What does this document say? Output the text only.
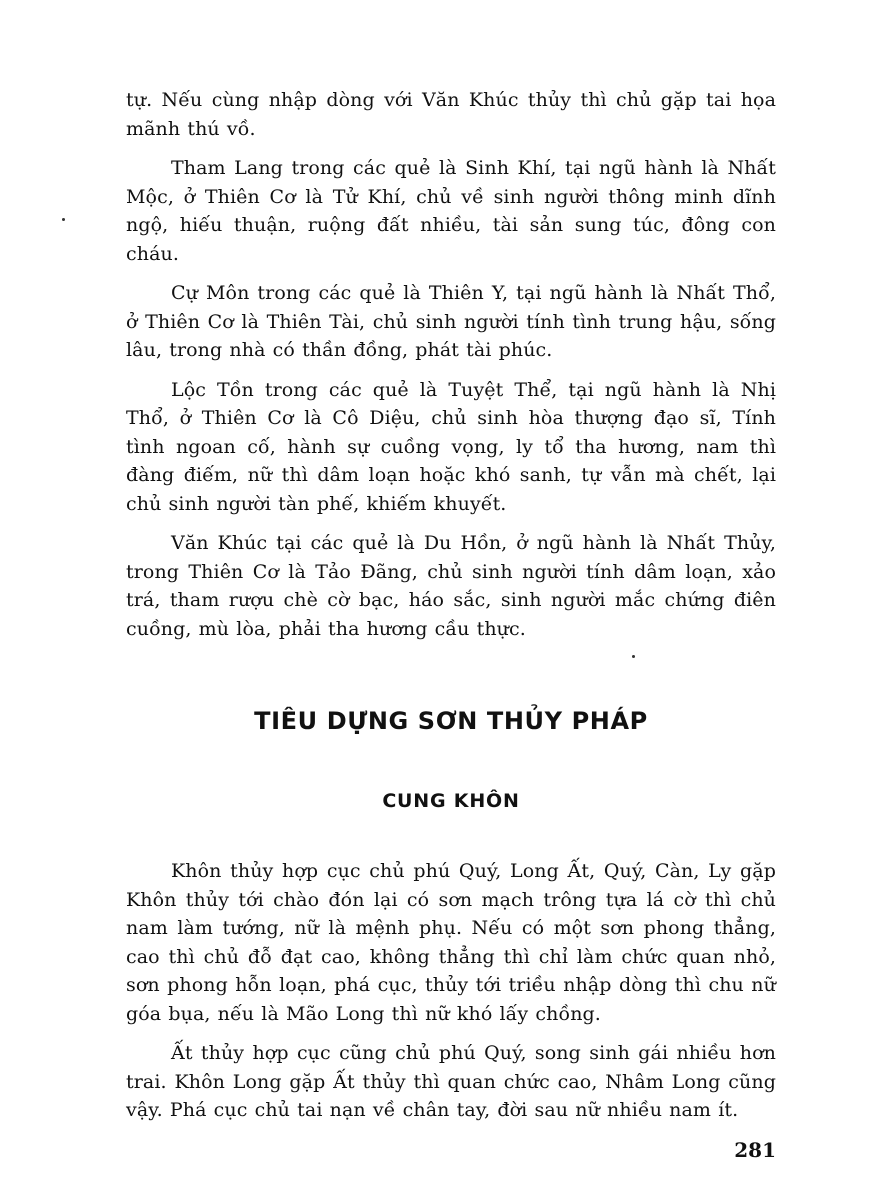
tự. Nếu cùng nhập dòng với Văn Khúc thủy thì chủ gặp tai họa mãnh thú vồ.

Tham Lang trong các quẻ là Sinh Khí, tại ngũ hành là Nhất Mộc, ở Thiên Cơ là Tử Khí, chủ về sinh người thông minh dĩnh ngộ, hiếu thuận, ruộng đất nhiều, tài sản sung túc, đông con cháu.

Cự Môn trong các quẻ là Thiên Y, tại ngũ hành là Nhất Thổ, ở Thiên Cơ là Thiên Tài, chủ sinh người tính tình trung hậu, sống lâu, trong nhà có thần đồng, phát tài phúc.

Lộc Tồn trong các quẻ là Tuyệt Thể, tại ngũ hành là Nhị Thổ, ở Thiên Cơ là Cô Diệu, chủ sinh hòa thượng đạo sĩ, Tính tình ngoan cố, hành sự cuồng vọng, ly tổ tha hương, nam thì đàng điếm, nữ thì dâm loạn hoặc khó sanh, tự vẫn mà chết, lại chủ sinh người tàn phế, khiếm khuyết.

Văn Khúc tại các quẻ là Du Hồn, ở ngũ hành là Nhất Thủy, trong Thiên Cơ là Tảo Đãng, chủ sinh người tính dâm loạn, xảo trá, tham rượu chè cờ bạc, háo sắc, sinh người mắc chứng điên cuồng, mù lòa, phải tha hương cầu thực.

TIÊU DỰNG SƠN THỦY PHÁP
CUNG KHÔN

Khôn thủy hợp cục chủ phú Quý, Long Ất, Quý, Càn, Ly gặp Khôn thủy tới chào đón lại có sơn mạch trông tựa lá cờ thì chủ nam làm tướng, nữ là mệnh phụ. Nếu có một sơn phong thẳng, cao thì chủ đỗ đạt cao, không thẳng thì chỉ làm chức quan nhỏ, sơn phong hỗn loạn, phá cục, thủy tới triều nhập dòng thì chu nữ góa bụa, nếu là Mão Long thì nữ khó lấy chồng.

Ất thủy hợp cục cũng chủ phú Quý, song sinh gái nhiều hơn trai. Khôn Long gặp Ất thủy thì quan chức cao, Nhâm Long cũng vậy. Phá cục chủ tai nạn về chân tay, đời sau nữ nhiều nam ít.

281
